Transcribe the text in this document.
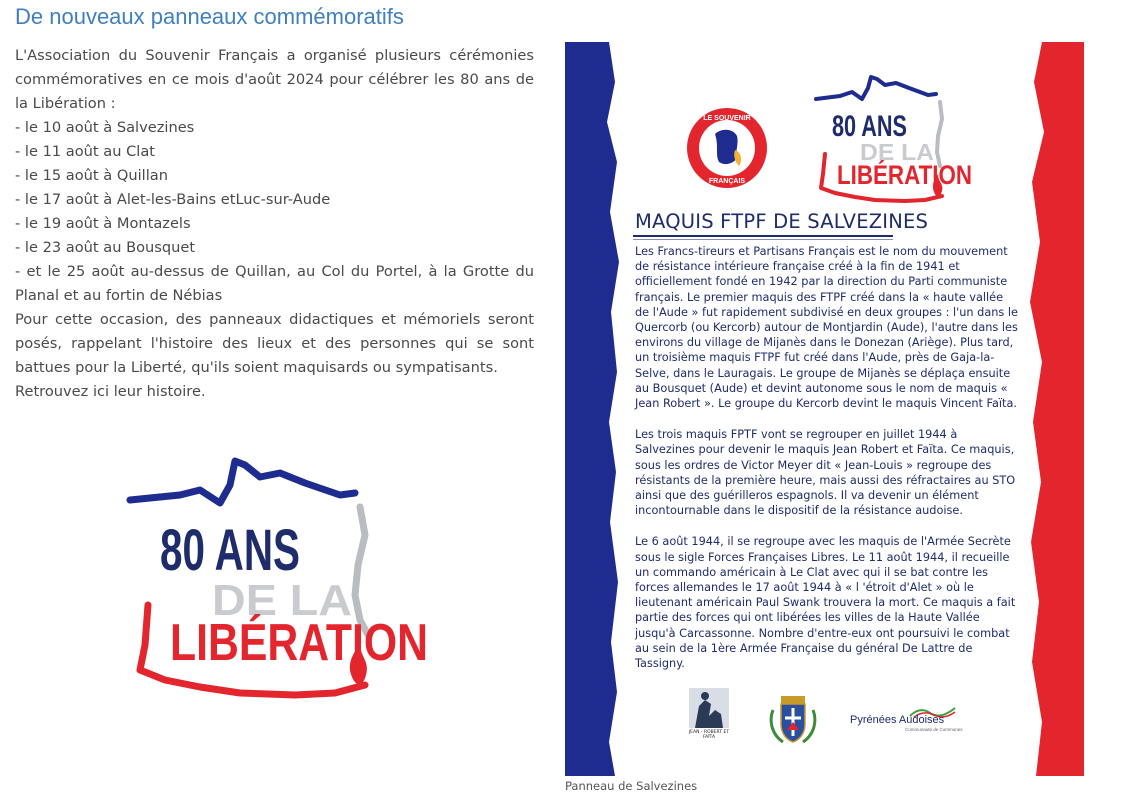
De nouveaux panneaux commémoratifs

L'Association du Souvenir Français a organisé plusieurs cérémonies commémoratives en ce mois d'août 2024 pour célébrer les 80 ans de la Libération :

- le 10 août à Salvezines
- le 11 août au Clat
- le 15 août à Quillan
- le 17 août à Alet-les-Bains etLuc-sur-Aude
- le 19 août à Montazels
- le 23 août au Bousquet
- et le 25 août au-dessus de Quillan, au Col du Portel, à la Grotte du Planal et au fortin de Nébias

Pour cette occasion, des panneaux didactiques et mémoriels seront posés, rappelant l'histoire des lieux et des personnes qui se sont battues pour la Liberté, qu'ils soient maquisards ou sympatisants.

Retrouvez ici leur histoire.

80 ANS
DE LA
LIBÉRATION
LE SOUVENIR
FRANÇAIS
80 ANS
DE LA
LIBÉRATION
MAQUIS FTPF DE SALVEZINES

Les Francs-tireurs et Partisans Français est le nom du mouvement de résistance intérieure française créé à la fin de 1941 et officiellement fondé en 1942 par la direction du Parti communiste français. Le premier maquis des FTPF créé dans la « haute vallée de l'Aude » fut rapidement subdivisé en deux groupes : l'un dans le Quercorb (ou Kercorb) autour de Montjardin (Aude), l'autre dans les environs du village de Mijanès dans le Donezan (Ariège). Plus tard, un troisième maquis FTPF fut créé dans l'Aude, près de Gaja-la-Selve, dans le Lauragais. Le groupe de Mijanès se déplaça ensuite au Bousquet (Aude) et devint autonome sous le nom de maquis « Jean Robert ». Le groupe du Kercorb devint le maquis Vincent Faïta.

Les trois maquis FPTF vont se regrouper en juillet 1944 à Salvezines pour devenir le maquis Jean Robert et Faïta. Ce maquis, sous les ordres de Victor Meyer dit « Jean-Louis » regroupe des résistants de la première heure, mais aussi des réfractaires au STO ainsi que des guérilleros espagnols. Il va devenir un élément incontournable dans le dispositif de la résistance audoise.

Le 6 août 1944, il se regroupe avec les maquis de l'Armée Secrète sous le sigle Forces Françaises Libres. Le 11 août 1944, il recueille un commando américain à Le Clat avec qui il se bat contre les forces allemandes le 17 août 1944 à « l 'étroit d'Alet » où le lieutenant américain Paul Swank trouvera la mort. Ce maquis a fait partie des forces qui ont libérées les villes de la Haute Vallée jusqu'à Carcassonne. Nombre d'entre-eux ont poursuivi le combat au sein de la 1ère Armée Française du général De Lattre de Tassigny.

JEAN - ROBERT ET FAÏTA
Pyrénées Audoises
Communauté de Communes
Panneau de Salvezines
